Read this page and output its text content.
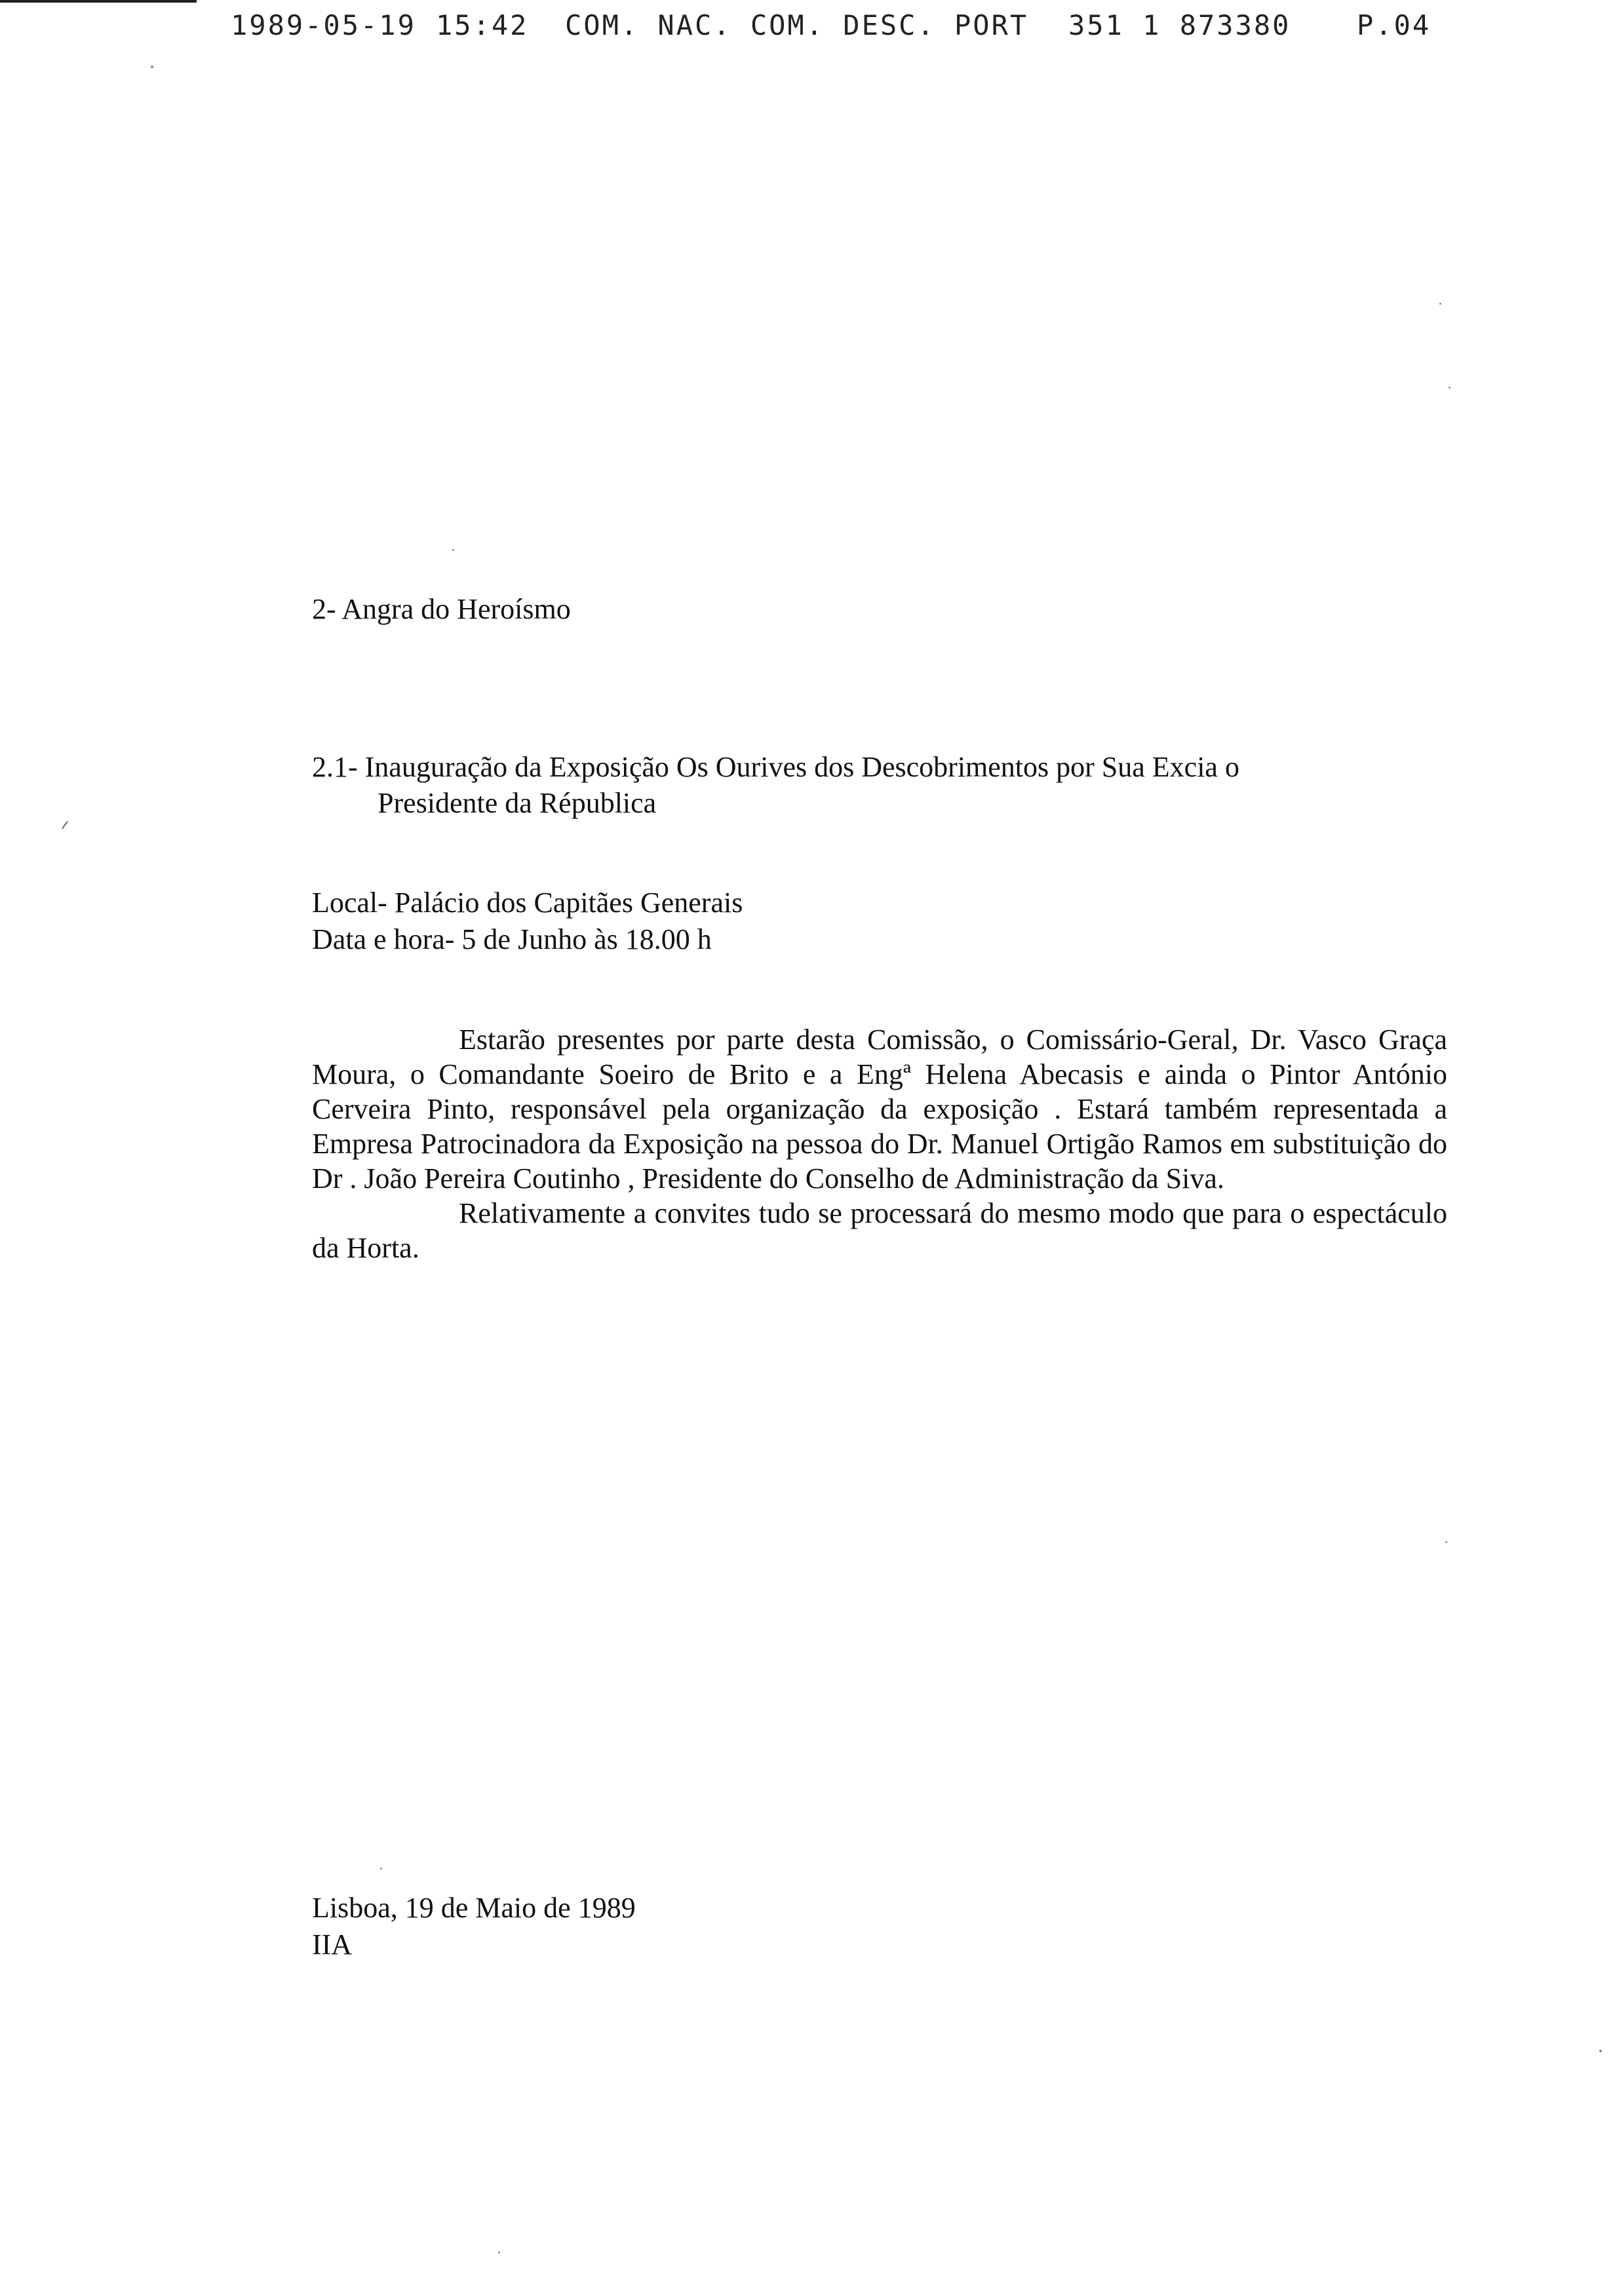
1989-05-19 15:42 COM. NAC. COM. DESC. PORT 351 1 873380 P.04
2- Angra do Heroísmo
2.1- Inauguração da Exposição Os Ourives dos Descobrimentos por Sua Excia o
Presidente da Républica
Local- Palácio dos Capitães Generais
Data e hora- 5 de Junho às 18.00 h

Estarão presentes por parte desta Comissão, o Comissário-Geral, Dr. Vasco Graça Moura, o Comandante Soeiro de Brito e a Engª Helena Abecasis e ainda o Pintor António Cerveira Pinto, responsável pela organização da exposição . Estará também representada a Empresa Patrocinadora da Exposição na pessoa do Dr. Manuel Ortigão Ramos em substituição do Dr . João Pereira Coutinho , Presidente do Conselho de Administração da Siva.

Relativamente a convites tudo se processará do mesmo modo que para o espectáculo da Horta.

Lisboa, 19 de Maio de 1989
IIA
